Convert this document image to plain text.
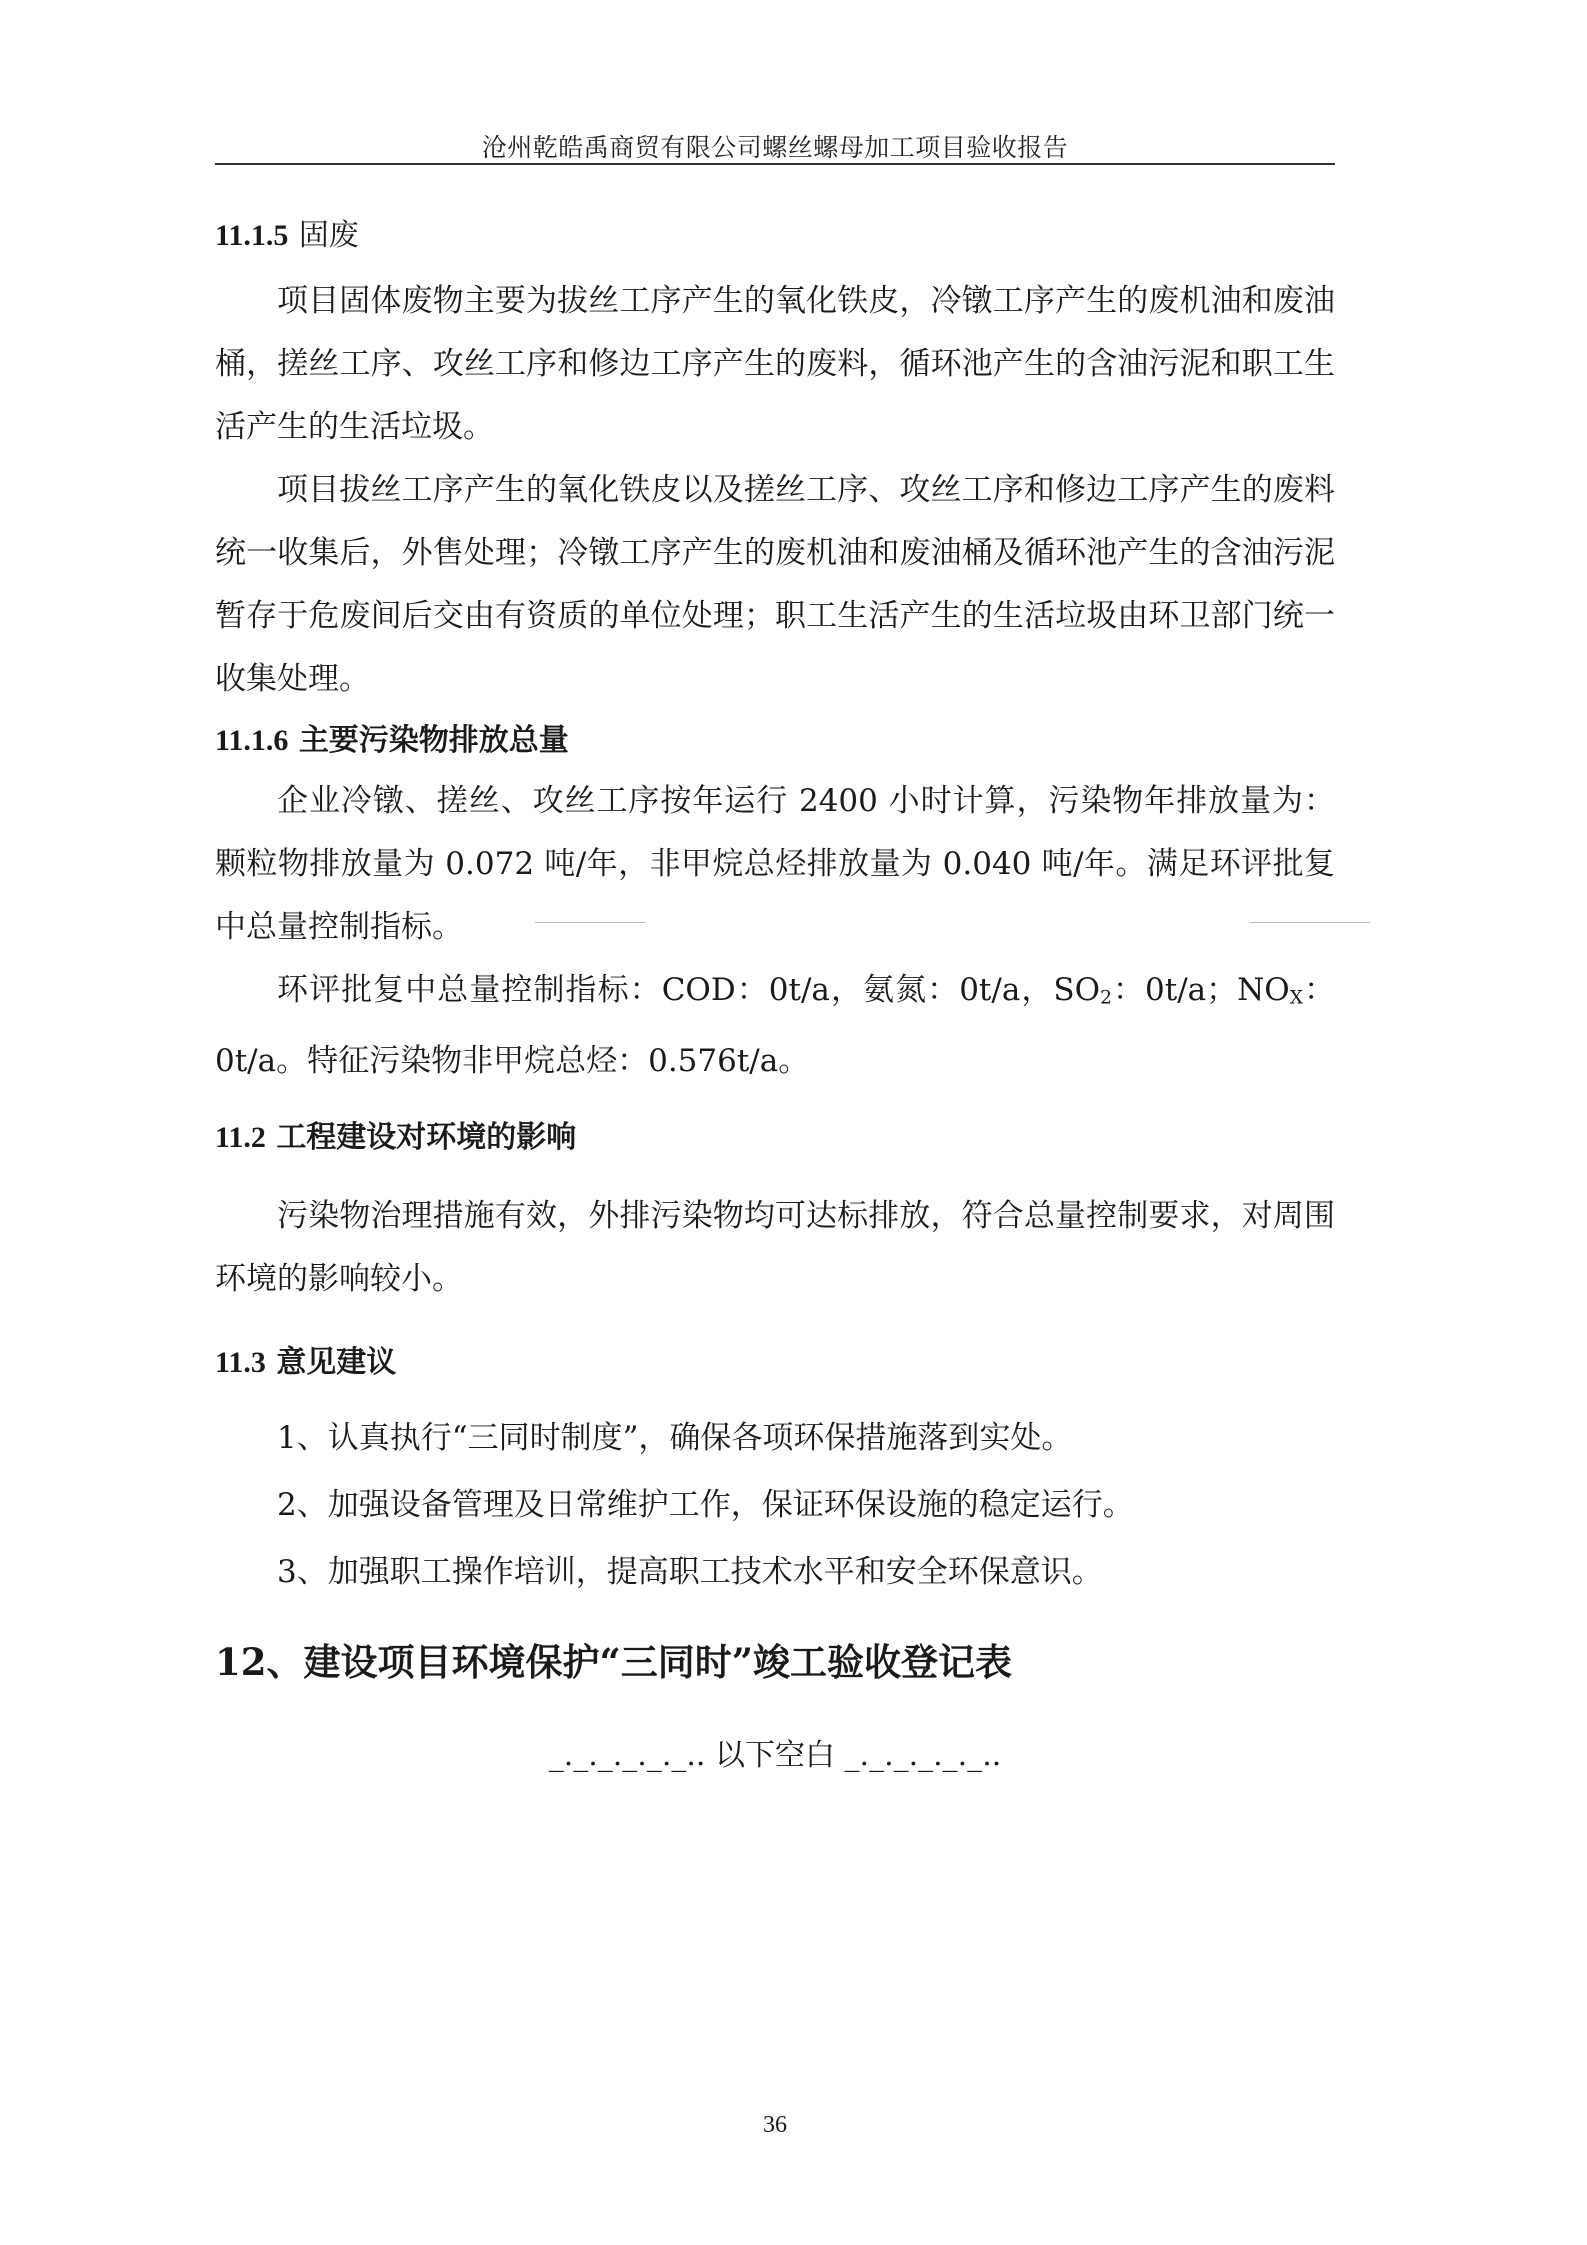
沧州乾皓禹商贸有限公司螺丝螺母加工项目验收报告
11.1.5 固废

项目固体废物主要为拔丝工序产生的氧化铁皮，冷镦工序产生的废机油和废油桶，搓丝工序、攻丝工序和修边工序产生的废料，循环池产生的含油污泥和职工生活产生的生活垃圾。

项目拔丝工序产生的氧化铁皮以及搓丝工序、攻丝工序和修边工序产生的废料统一收集后，外售处理；冷镦工序产生的废机油和废油桶及循环池产生的含油污泥暂存于危废间后交由有资质的单位处理；职工生活产生的生活垃圾由环卫部门统一收集处理。

11.1.6 主要污染物排放总量

企业冷镦、搓丝、攻丝工序按年运行 2400 小时计算，污染物年排放量为：颗粒物排放量为 0.072 吨/年，非甲烷总烃排放量为 0.040 吨/年。满足环评批复中总量控制指标。

环评批复中总量控制指标：COD：0t/a，氨氮：0t/a，$SO_2$：0t/a；$NO_X$：0t/a。特征污染物非甲烷总烃：0.576t/a。

11.2 工程建设对环境的影响

污染物治理措施有效，外排污染物均可达标排放，符合总量控制要求，对周围环境的影响较小。

11.3 意见建议
1、认真执行“三同时制度”，确保各项环保措施落到实处。
2、加强设备管理及日常维护工作，保证环保设施的稳定运行。
3、加强职工操作培训，提高职工技术水平和安全环保意识。
12、建设项目环境保护“三同时”竣工验收登记表
_._._._._._.. 以下空白 _._._._._._..
36
